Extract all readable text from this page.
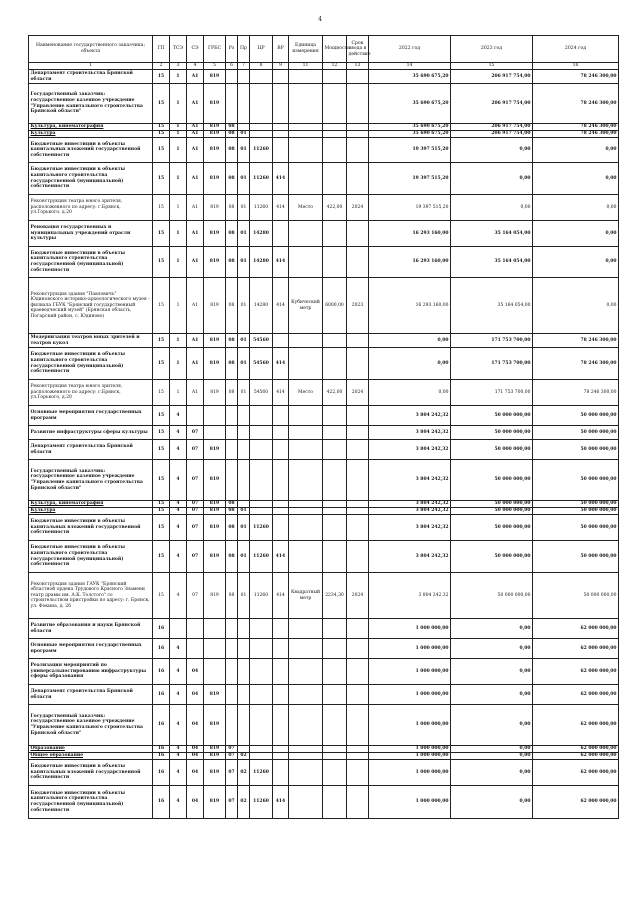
4
Наименование государственного заказчика; объекта	ГП	ТСЭ	СЭ	ГРБС	Рз	Пр	ЦР	ВР	Единица измерения	Мощность	Срок ввода в действие	2022 год	2023 год	2024 год
1	2	3	4	5	6	7	8	9	11	12	13	14	15	16
Департамент строительства Брянской области	15	1	А1	819								35 690 675,20	206 917 754,00	78 246 300,00
Государственный заказчик: государственное казенное учреждение "Управление капитального строительства Брянской области"	15	1	А1	819								35 690 675,20	206 917 754,00	78 246 300,00
Культура, кинематография	15	1	А1	819	08							35 690 675,20	206 917 754,00	78 246 300,00
Культура	15	1	А1	819	08	01						35 690 675,20	206 917 754,00	78 246 300,00
Бюджетные инвестиции в объекты капитальных вложений государственной собственности	15	1	А1	819	08	01	11260					19 397 515,20	0,00	0,00
Бюджетные инвестиции в объекты капитального строительства государственной (муниципальной) собственности	15	1	А1	819	08	01	11260	414				19 397 515,20	0,00	0,00
Реконструкция театра юного зрителя, расположенного по адресу: г.Брянск, ул.Горького, д.20	15	1	А1	819	08	01	11260	414	Место	422,00	2024	19 397 515,20	0,00	0,00
Реновация государственных и муниципальных учреждений отрасли культуры	15	1	А1	819	08	01	14280					16 293 160,00	35 164 054,00	0,00
Бюджетные инвестиции в объекты капитального строительства государственной (муниципальной) собственности	15	1	А1	819	08	01	14280	414				16 293 160,00	35 164 054,00	0,00
Реконструкция здания "Павловичъ" Юдиновского историко-археологического музея - филиала ГБУК "Брянский государственный краеведческий музей" (Брянская область, Погарский район, с. Юдиново)	15	1	А1	819	08	01	14280	414	Кубический метр	6000,00	2023	16 293 160,00	35 164 054,00	0,00
Модернизация театров юных зрителей и театров кукол	15	1	А1	819	08	01	54560					0,00	171 753 700,00	78 246 300,00
Бюджетные инвестиции в объекты капитального строительства государственной (муниципальной) собственности	15	1	А1	819	08	01	54560	414				0,00	171 753 700,00	78 246 300,00
Реконструкция театра юного зрителя, расположенного по адресу: г.Брянск, ул.Горького, д.20	15	1	А1	819	08	01	54560	414	Место	422,00	2024	0,00	171 753 700,00	78 246 300,00
Основные мероприятия государственных программ	15	4										3 804 242,32	50 000 000,00	50 000 000,00
Развитие инфраструктуры сферы культуры	15	4	07									3 804 242,32	50 000 000,00	50 000 000,00
Департамент строительства Брянской области	15	4	07	819								3 804 242,32	50 000 000,00	50 000 000,00
Государственный заказчик: государственное казенное учреждение "Управление капитального строительства Брянской области"	15	4	07	819								3 804 242,32	50 000 000,00	50 000 000,00
Культура, кинематография	15	4	07	819	08							3 804 242,32	50 000 000,00	50 000 000,00
Культура	15	4	07	819	08	01						3 804 242,32	50 000 000,00	50 000 000,00
Бюджетные инвестиции в объекты капитальных вложений государственной собственности	15	4	07	819	08	01	11260					3 804 242,32	50 000 000,00	50 000 000,00
Бюджетные инвестиции в объекты капитального строительства государственной (муниципальной) собственности	15	4	07	819	08	01	11260	414				3 804 242,32	50 000 000,00	50 000 000,00
Реконструкция здания ГАУК "Брянский областной ордена Трудового Красного Знамени театр драмы им. А.К. Толстого" со строительством пристройки по адресу: г. Брянск, ул. Фокина, д. 26	15	4	07	819	08	01	11260	414	Квадратный метр	2234,30	2024	3 804 242,32	50 000 000,00	50 000 000,00
Развитие образования и науки Брянской области	16											1 000 000,00	0,00	62 000 000,00
Основные мероприятия государственных программ	16	4										1 000 000,00	0,00	62 000 000,00
Реализация мероприятий по универсальностированию инфраструктуры сферы образования	16	4	04									1 000 000,00	0,00	62 000 000,00
Департамент строительства Брянской области	16	4	04	819								1 000 000,00	0,00	62 000 000,00
Государственный заказчик: государственное казенное учреждение "Управление капитального строительства Брянской области"	16	4	04	819								1 000 000,00	0,00	62 000 000,00
Образование	16	4	04	819	07							1 000 000,00	0,00	62 000 000,00
Общее образование	16	4	04	819	07	02						1 000 000,00	0,00	62 000 000,00
Бюджетные инвестиции в объекты капитальных вложений государственной собственности	16	4	04	819	07	02	11260					1 000 000,00	0,00	62 000 000,00
Бюджетные инвестиции в объекты капитального строительства государственной (муниципальной) собственности	16	4	04	819	07	02	11260	414				1 000 000,00	0,00	62 000 000,00
